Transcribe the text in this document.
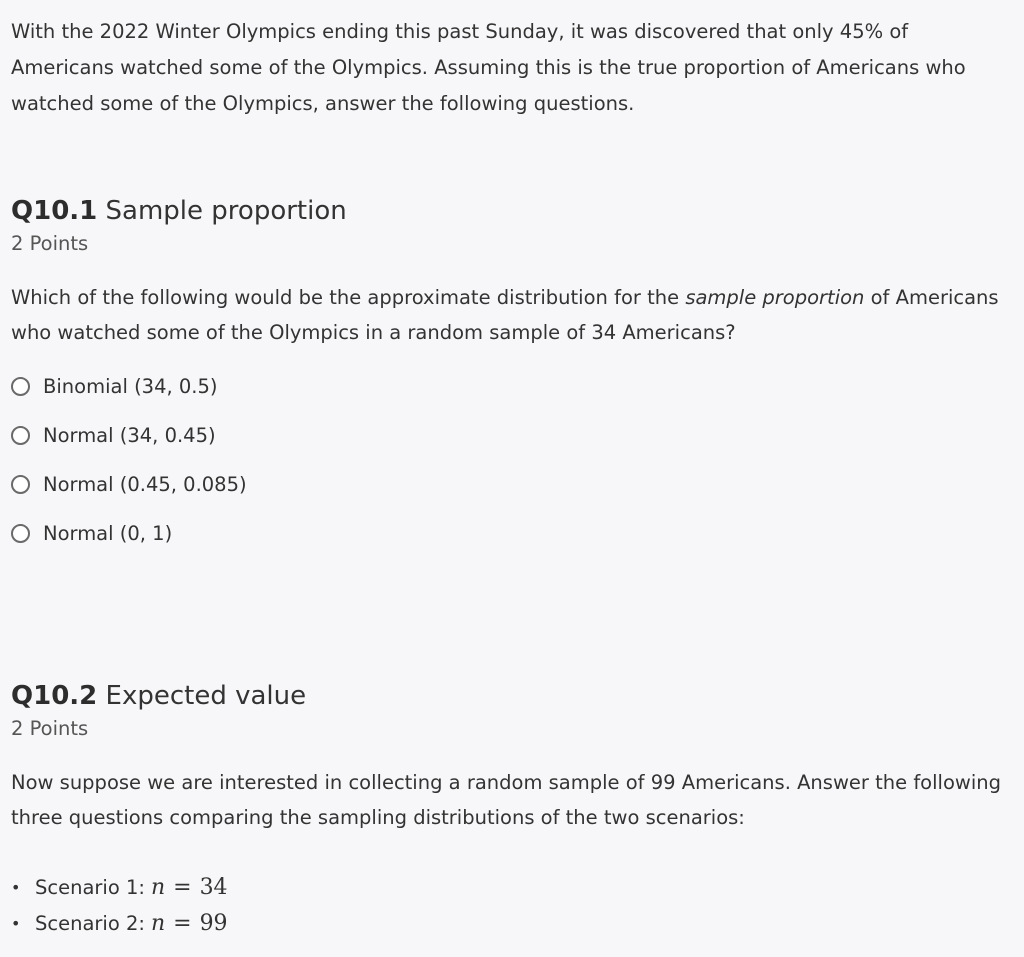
With the 2022 Winter Olympics ending this past Sunday, it was discovered that only 45% of Americans watched some of the Olympics. Assuming this is the true proportion of Americans who watched some of the Olympics, answer the following questions.

Q10.1 Sample proportion
2 Points

Which of the following would be the approximate distribution for the sample proportion of Americans who watched some of the Olympics in a random sample of 34 Americans?

Binomial (34, 0.5)
Normal (34, 0.45)
Normal (0.45, 0.085)
Normal (0, 1)
Q10.2 Expected value
2 Points

Now suppose we are interested in collecting a random sample of 99 Americans. Answer the following three questions comparing the sampling distributions of the two scenarios:

• Scenario 1: n = 34
• Scenario 2: n = 99
